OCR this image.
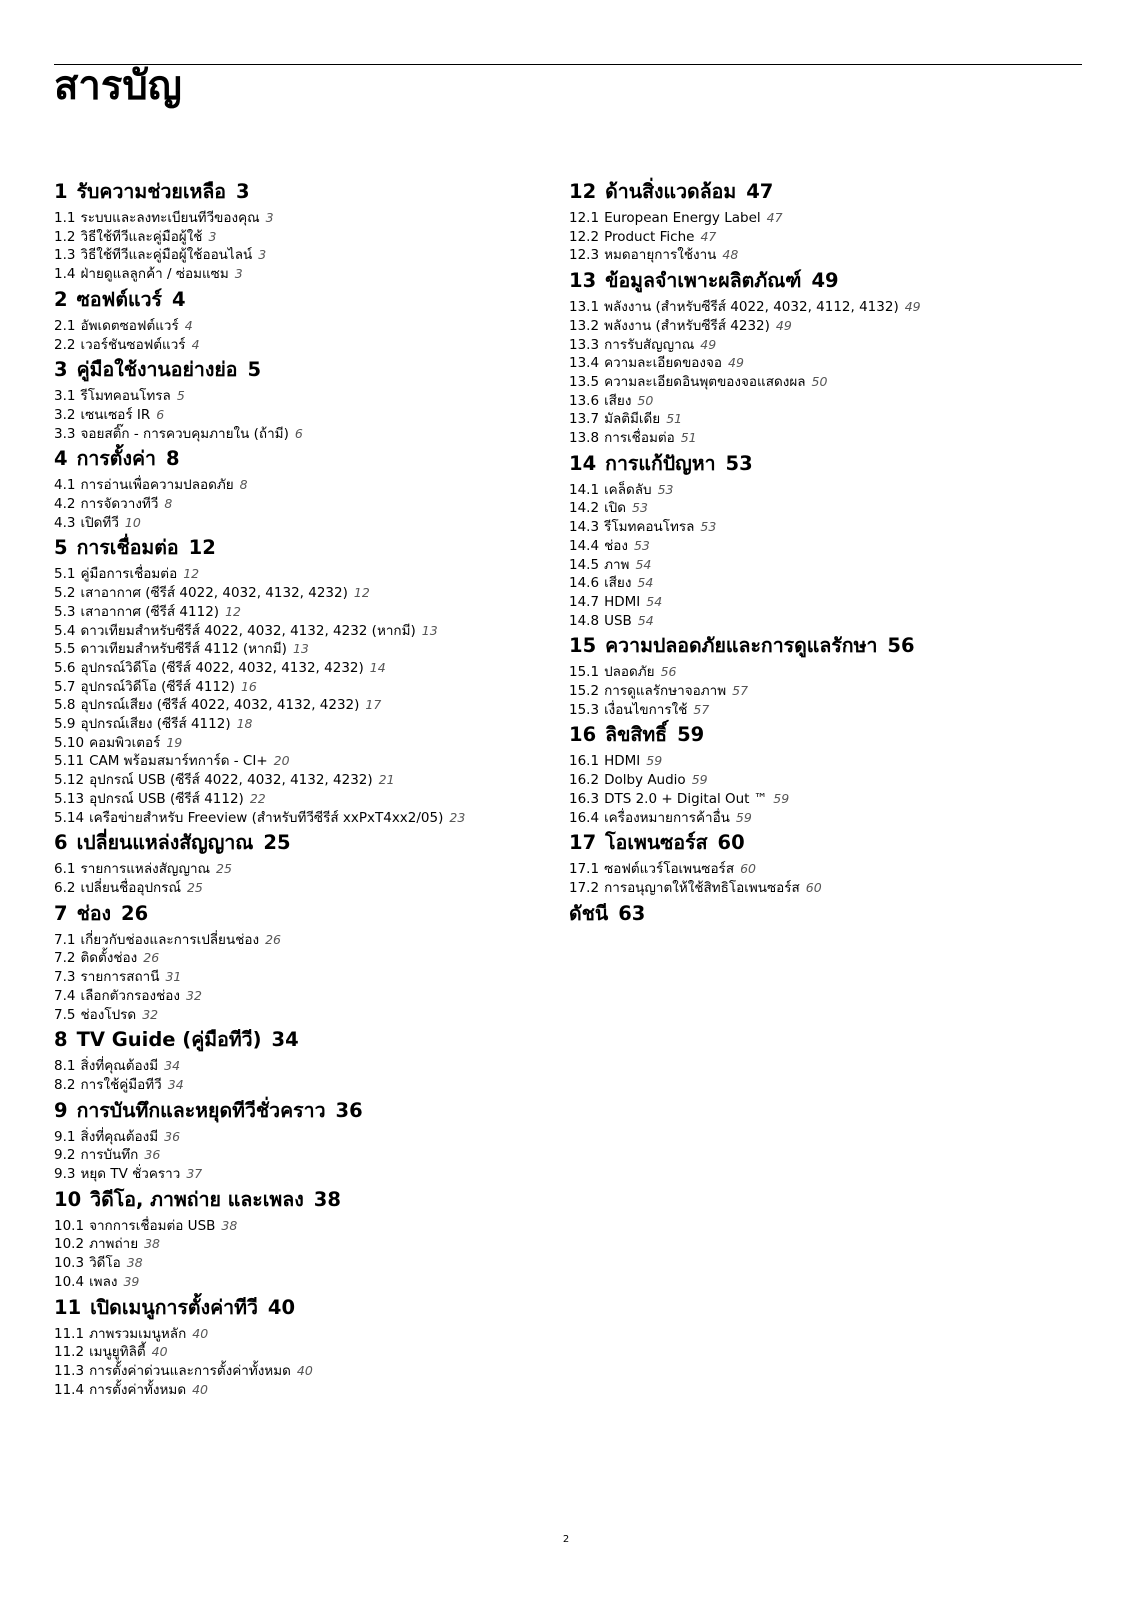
สารบัญ
1 รับความช่วยเหลือ 3
1.1 ระบบและลงทะเบียนทีวีของคุณ 3
1.2 วิธีใช้ทีวีและคู่มือผู้ใช้ 3
1.3 วิธีใช้ทีวีและคู่มือผู้ใช้ออนไลน์ 3
1.4 ฝ่ายดูแลลูกค้า / ซ่อมแซม 3
2 ซอฟต์แวร์ 4
2.1 อัพเดตซอฟต์แวร์ 4
2.2 เวอร์ชันซอฟต์แวร์ 4
3 คู่มือใช้งานอย่างย่อ 5
3.1 รีโมทคอนโทรล 5
3.2 เซนเซอร์ IR 6
3.3 จอยสติ๊ก - การควบคุมภายใน (ถ้ามี) 6
4 การตั้งค่า 8
4.1 การอ่านเพื่อความปลอดภัย 8
4.2 การจัดวางทีวี 8
4.3 เปิดทีวี 10
5 การเชื่อมต่อ 12
5.1 คู่มือการเชื่อมต่อ 12
5.2 เสาอากาศ (ซีรีส์ 4022, 4032, 4132, 4232) 12
5.3 เสาอากาศ (ซีรีส์ 4112) 12
5.4 ดาวเทียมสำหรับซีรีส์ 4022, 4032, 4132, 4232 (หากมี) 13
5.5 ดาวเทียมสำหรับซีรีส์ 4112 (หากมี) 13
5.6 อุปกรณ์วิดีโอ (ซีรีส์ 4022, 4032, 4132, 4232) 14
5.7 อุปกรณ์วิดีโอ (ซีรีส์ 4112) 16
5.8 อุปกรณ์เสียง (ซีรีส์ 4022, 4032, 4132, 4232) 17
5.9 อุปกรณ์เสียง (ซีรีส์ 4112) 18
5.10 คอมพิวเตอร์ 19
5.11 CAM พร้อมสมาร์ทการ์ด - CI+ 20
5.12 อุปกรณ์ USB (ซีรีส์ 4022, 4032, 4132, 4232) 21
5.13 อุปกรณ์ USB (ซีรีส์ 4112) 22
5.14 เครือข่ายสำหรับ Freeview (สำหรับทีวีซีรีส์ xxPxT4xx2/05) 23
6 เปลี่ยนแหล่งสัญญาณ 25
6.1 รายการแหล่งสัญญาณ 25
6.2 เปลี่ยนชื่ออุปกรณ์ 25
7 ช่อง 26
7.1 เกี่ยวกับช่องและการเปลี่ยนช่อง 26
7.2 ติดตั้งช่อง 26
7.3 รายการสถานี 31
7.4 เลือกตัวกรองช่อง 32
7.5 ช่องโปรด 32
8 TV Guide (คู่มือทีวี) 34
8.1 สิ่งที่คุณต้องมี 34
8.2 การใช้คู่มือทีวี 34
9 การบันทึกและหยุดทีวีชั่วคราว 36
9.1 สิ่งที่คุณต้องมี 36
9.2 การบันทึก 36
9.3 หยุด TV ชั่วคราว 37
10 วิดีโอ, ภาพถ่าย และเพลง 38
10.1 จากการเชื่อมต่อ USB 38
10.2 ภาพถ่าย 38
10.3 วิดีโอ 38
10.4 เพลง 39
11 เปิดเมนูการตั้งค่าทีวี 40
11.1 ภาพรวมเมนูหลัก 40
11.2 เมนูยูทิลิตี้ 40
11.3 การตั้งค่าด่วนและการตั้งค่าทั้งหมด 40
11.4 การตั้งค่าทั้งหมด 40
12 ด้านสิ่งแวดล้อม 47
12.1 European Energy Label 47
12.2 Product Fiche 47
12.3 หมดอายุการใช้งาน 48
13 ข้อมูลจำเพาะผลิตภัณฑ์ 49
13.1 พลังงาน (สำหรับซีรีส์ 4022, 4032, 4112, 4132) 49
13.2 พลังงาน (สำหรับซีรีส์ 4232) 49
13.3 การรับสัญญาณ 49
13.4 ความละเอียดของจอ 49
13.5 ความละเอียดอินพุตของจอแสดงผล 50
13.6 เสียง 50
13.7 มัลติมีเดีย 51
13.8 การเชื่อมต่อ 51
14 การแก้ปัญหา 53
14.1 เคล็ดลับ 53
14.2 เปิด 53
14.3 รีโมทคอนโทรล 53
14.4 ช่อง 53
14.5 ภาพ 54
14.6 เสียง 54
14.7 HDMI 54
14.8 USB 54
15 ความปลอดภัยและการดูแลรักษา 56
15.1 ปลอดภัย 56
15.2 การดูแลรักษาจอภาพ 57
15.3 เงื่อนไขการใช้ 57
16 ลิขสิทธิ์ 59
16.1 HDMI 59
16.2 Dolby Audio 59
16.3 DTS 2.0 + Digital Out ™ 59
16.4 เครื่องหมายการค้าอื่น 59
17 โอเพนซอร์ส 60
17.1 ซอฟต์แวร์โอเพนซอร์ส 60
17.2 การอนุญาตให้ใช้สิทธิโอเพนซอร์ส 60
ดัชนี 63
2
